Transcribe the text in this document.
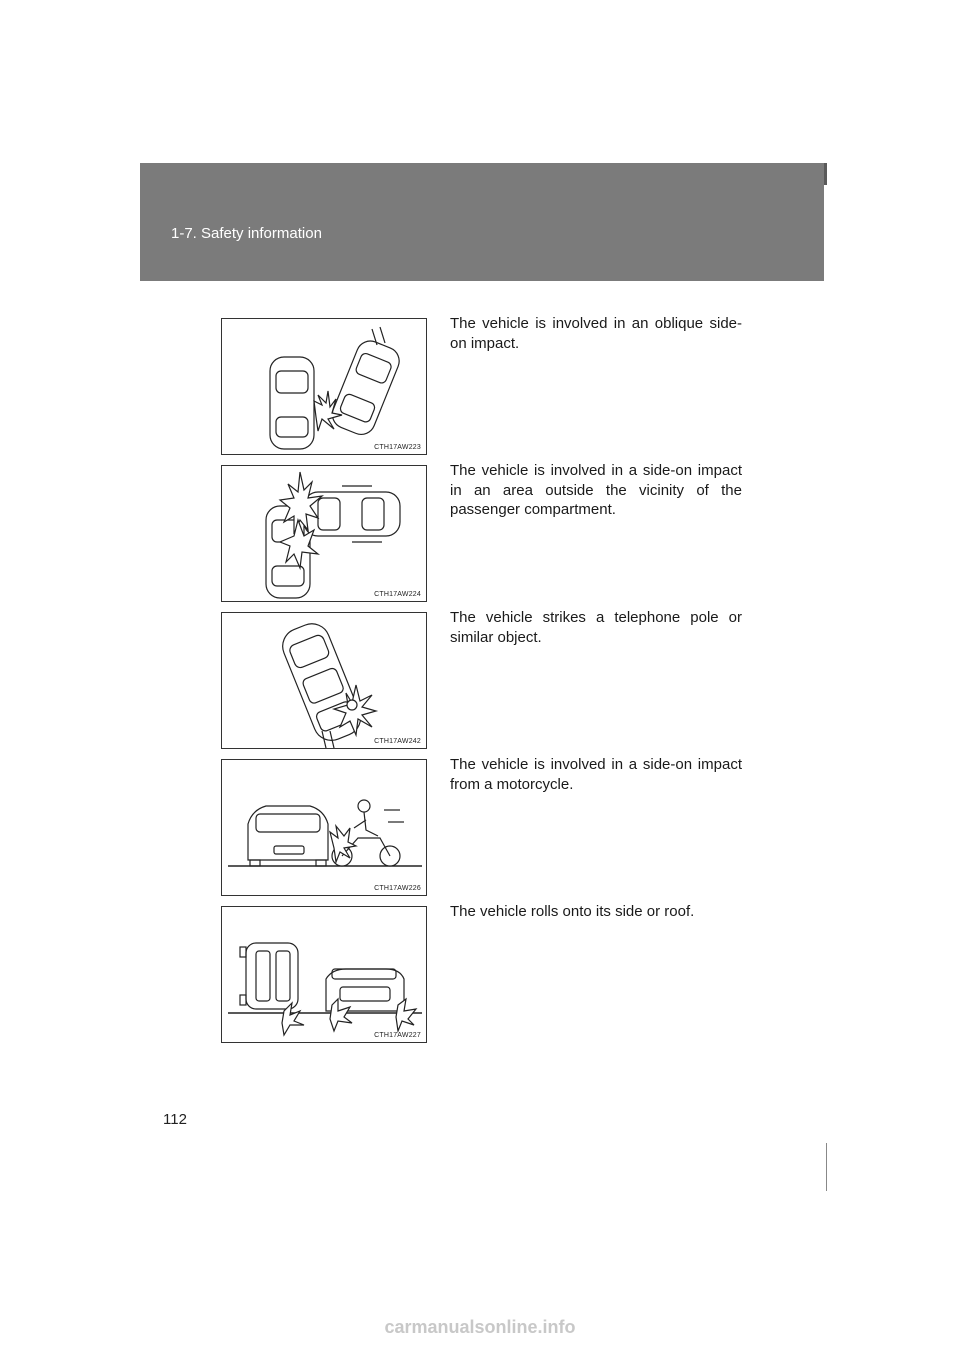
1-7. Safety information
CTH17AW223
The vehicle is involved in an oblique side-on impact.
CTH17AW224
The vehicle is involved in a side-on impact in an area outside the vicinity of the passenger compartment.
CTH17AW242
The vehicle strikes a telephone pole or similar object.
CTH17AW226
The vehicle is involved in a side-on impact from a motorcycle.
CTH17AW227
The vehicle rolls onto its side or roof.
112
carmanualsonline.info
